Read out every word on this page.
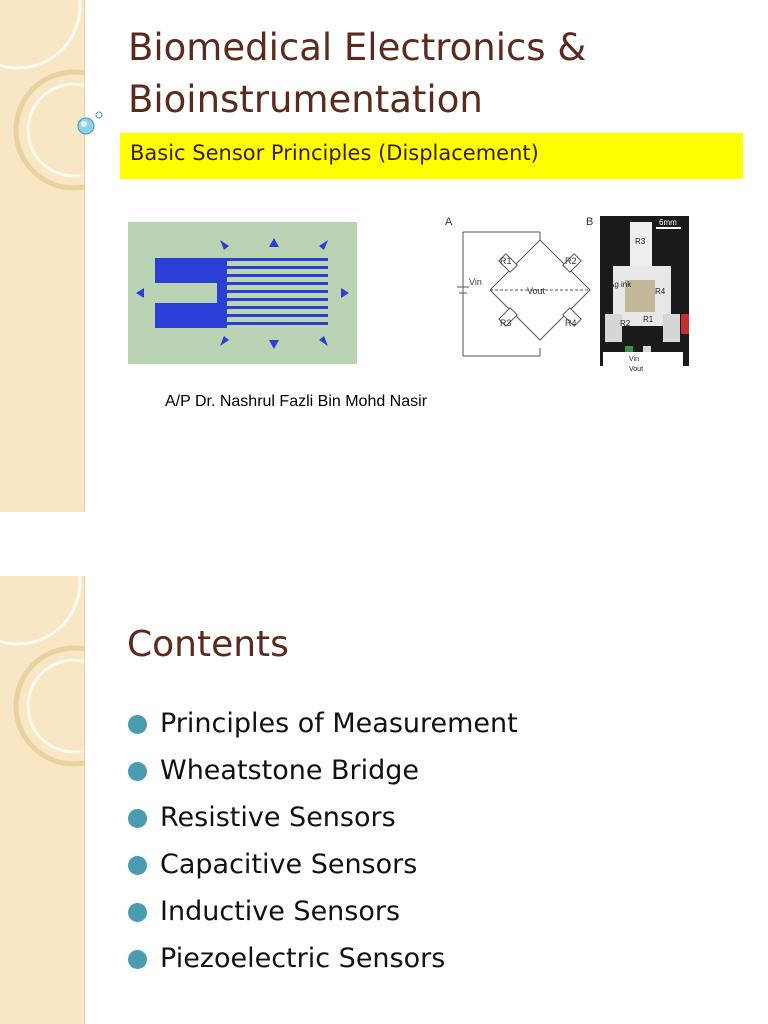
Biomedical Electronics &
Bioinstrumentation
Basic Sensor Principles (Displacement)
A
Vin
Vout
R1	R2
R3	R4
B	6mm
Ag ink
R3
R4
R2 R1
Vin
Vout
A/P Dr. Nashrul Fazli Bin Mohd Nasir
Contents
Principles of Measurement
Wheatstone Bridge
Resistive Sensors
Capacitive Sensors
Inductive Sensors
Piezoelectric Sensors
